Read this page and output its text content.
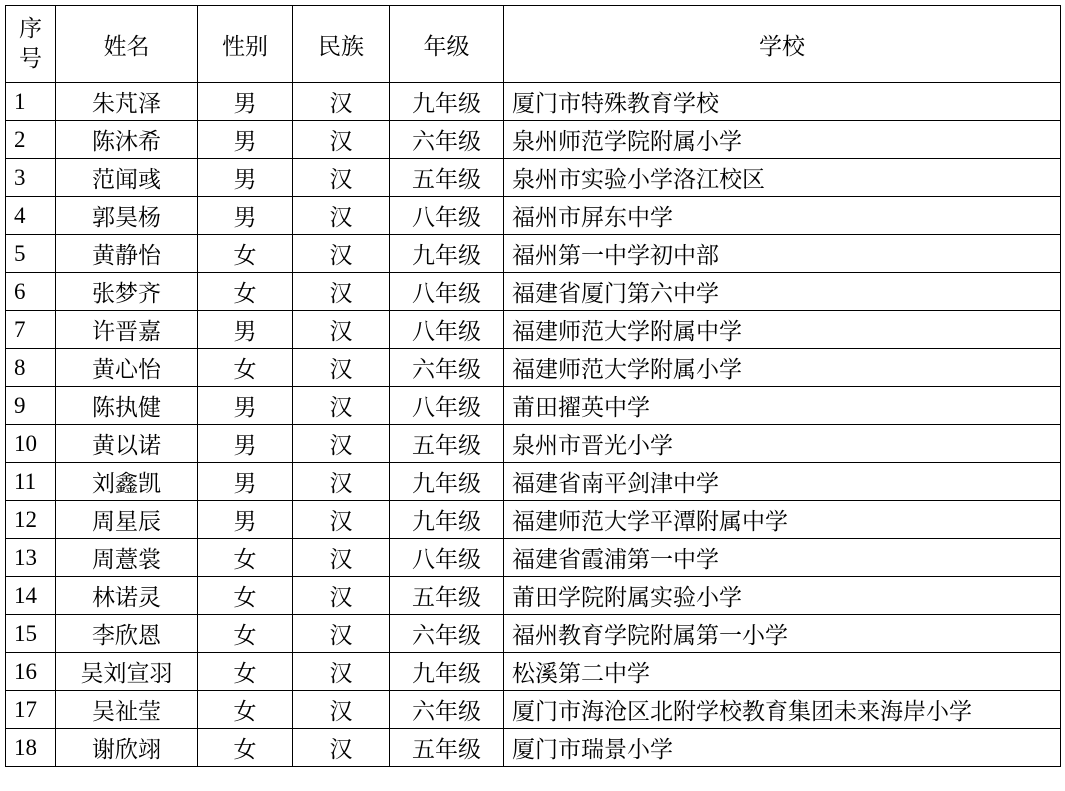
序
号	姓名	性别	民族	年级	学校
1	朱芃泽	男	汉	九年级	厦门市特殊教育学校
2	陈沐希	男	汉	六年级	泉州师范学院附属小学
3	范闻彧	男	汉	五年级	泉州市实验小学洛江校区
4	郭昊杨	男	汉	八年级	福州市屏东中学
5	黄静怡	女	汉	九年级	福州第一中学初中部
6	张梦齐	女	汉	八年级	福建省厦门第六中学
7	许晋嘉	男	汉	八年级	福建师范大学附属中学
8	黄心怡	女	汉	六年级	福建师范大学附属小学
9	陈执健	男	汉	八年级	莆田擢英中学
10	黄以诺	男	汉	五年级	泉州市晋光小学
11	刘鑫凯	男	汉	九年级	福建省南平剑津中学
12	周星辰	男	汉	九年级	福建师范大学平潭附属中学
13	周薏裳	女	汉	八年级	福建省霞浦第一中学
14	林诺灵	女	汉	五年级	莆田学院附属实验小学
15	李欣恩	女	汉	六年级	福州教育学院附属第一小学
16	吴刘宣羽	女	汉	九年级	松溪第二中学
17	吴祉莹	女	汉	六年级	厦门市海沧区北附学校教育集团未来海岸小学
18	谢欣翊	女	汉	五年级	厦门市瑞景小学
